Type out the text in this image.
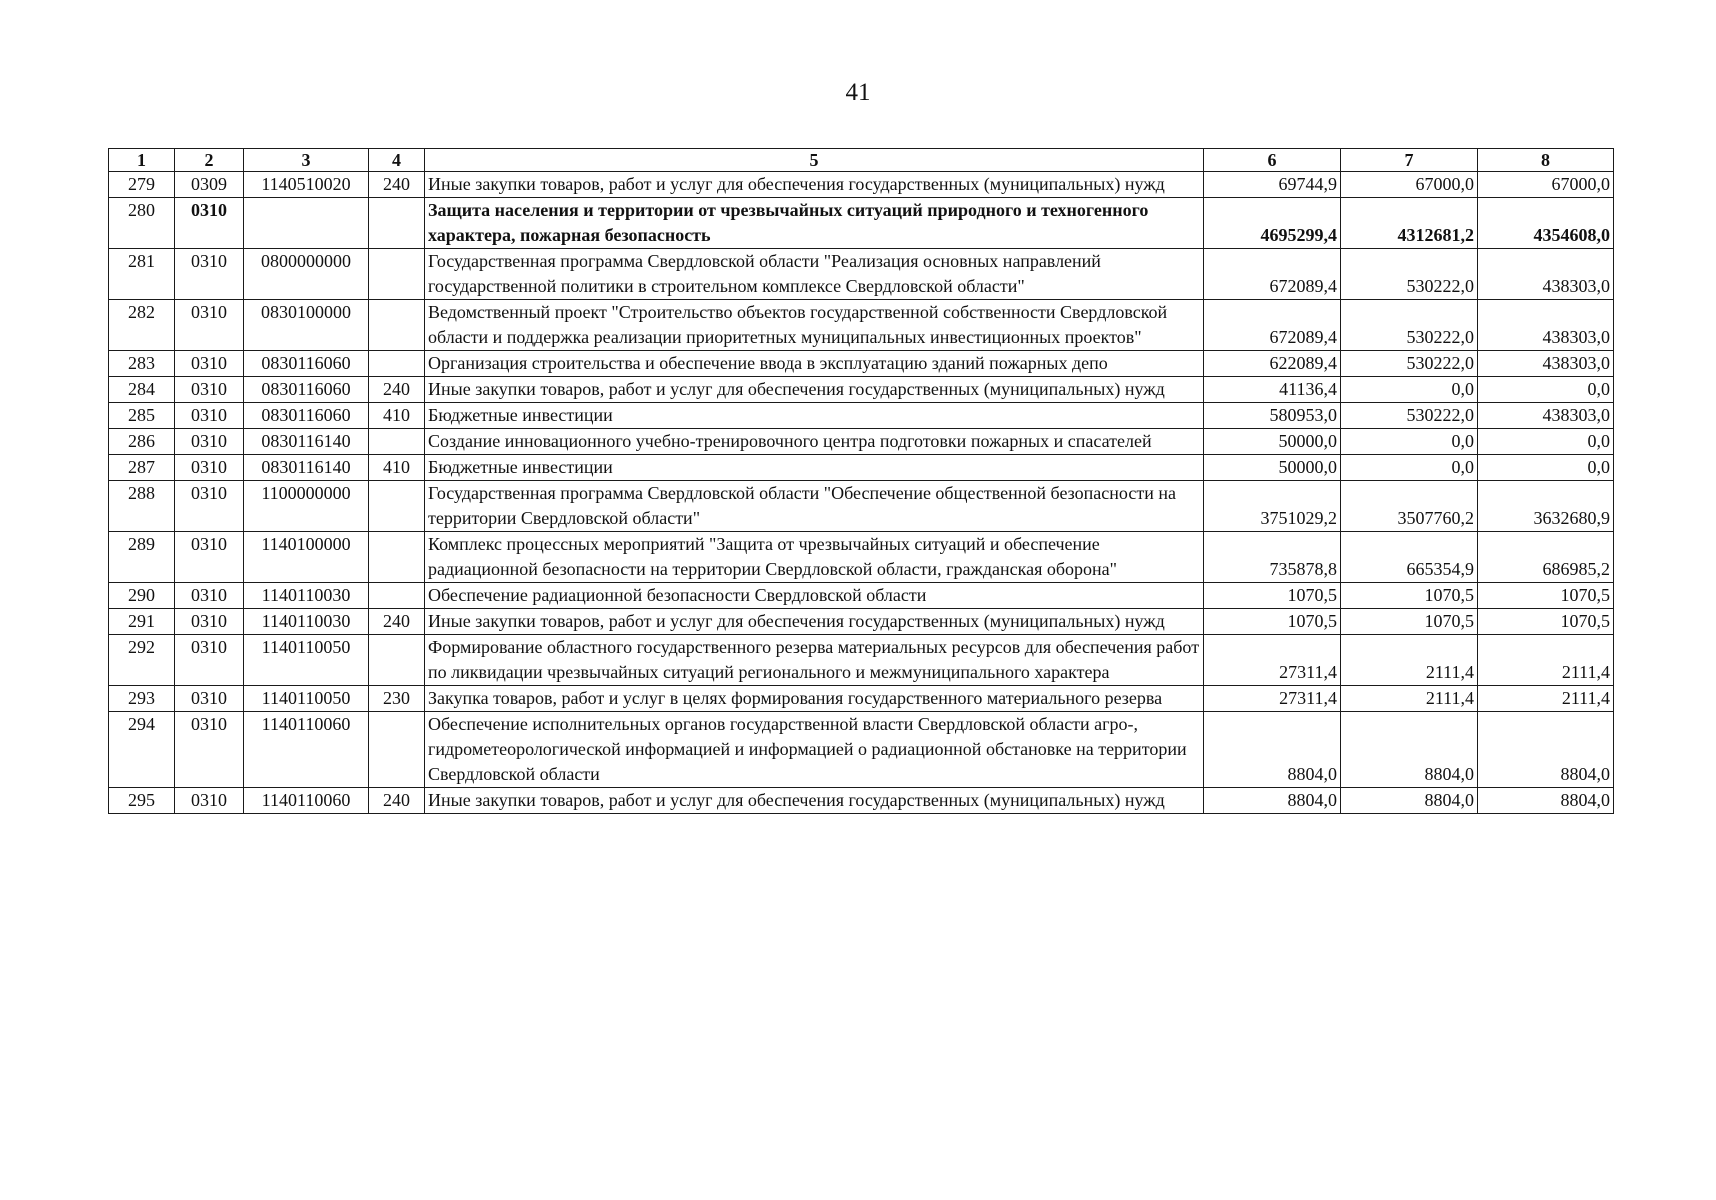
41
1	2	3	4	5	6	7	8
279	0309	1140510020	240	Иные закупки товаров, работ и услуг для обеспечения государственных (муниципальных) нужд	69744,9	67000,0	67000,0
280	0310			Защита населения и территории от чрезвычайных ситуаций природного и техногенного характера, пожарная безопасность	4695299,4	4312681,2	4354608,0
281	0310	0800000000		Государственная программа Свердловской области "Реализация основных направлений государственной политики в строительном комплексе Свердловской области"	672089,4	530222,0	438303,0
282	0310	0830100000		Ведомственный проект "Строительство объектов государственной собственности Свердловской области и поддержка реализации приоритетных муниципальных инвестиционных проектов"	672089,4	530222,0	438303,0
283	0310	0830116060		Организация строительства и обеспечение ввода в эксплуатацию зданий пожарных депо	622089,4	530222,0	438303,0
284	0310	0830116060	240	Иные закупки товаров, работ и услуг для обеспечения государственных (муниципальных) нужд	41136,4	0,0	0,0
285	0310	0830116060	410	Бюджетные инвестиции	580953,0	530222,0	438303,0
286	0310	0830116140		Создание инновационного учебно-тренировочного центра подготовки пожарных и спасателей	50000,0	0,0	0,0
287	0310	0830116140	410	Бюджетные инвестиции	50000,0	0,0	0,0
288	0310	1100000000		Государственная программа Свердловской области "Обеспечение общественной безопасности на территории Свердловской области"	3751029,2	3507760,2	3632680,9
289	0310	1140100000		Комплекс процессных мероприятий "Защита от чрезвычайных ситуаций и обеспечение радиационной безопасности на территории Свердловской области, гражданская оборона"	735878,8	665354,9	686985,2
290	0310	1140110030		Обеспечение радиационной безопасности Свердловской области	1070,5	1070,5	1070,5
291	0310	1140110030	240	Иные закупки товаров, работ и услуг для обеспечения государственных (муниципальных) нужд	1070,5	1070,5	1070,5
292	0310	1140110050		Формирование областного государственного резерва материальных ресурсов для обеспечения работ по ликвидации чрезвычайных ситуаций регионального и межмуниципального характера	27311,4	2111,4	2111,4
293	0310	1140110050	230	Закупка товаров, работ и услуг в целях формирования государственного материального резерва	27311,4	2111,4	2111,4
294	0310	1140110060		Обеспечение исполнительных органов государственной власти Свердловской области агро-, гидрометеорологической информацией и информацией о радиационной обстановке на территории Свердловской области	8804,0	8804,0	8804,0
295	0310	1140110060	240	Иные закупки товаров, работ и услуг для обеспечения государственных (муниципальных) нужд	8804,0	8804,0	8804,0
